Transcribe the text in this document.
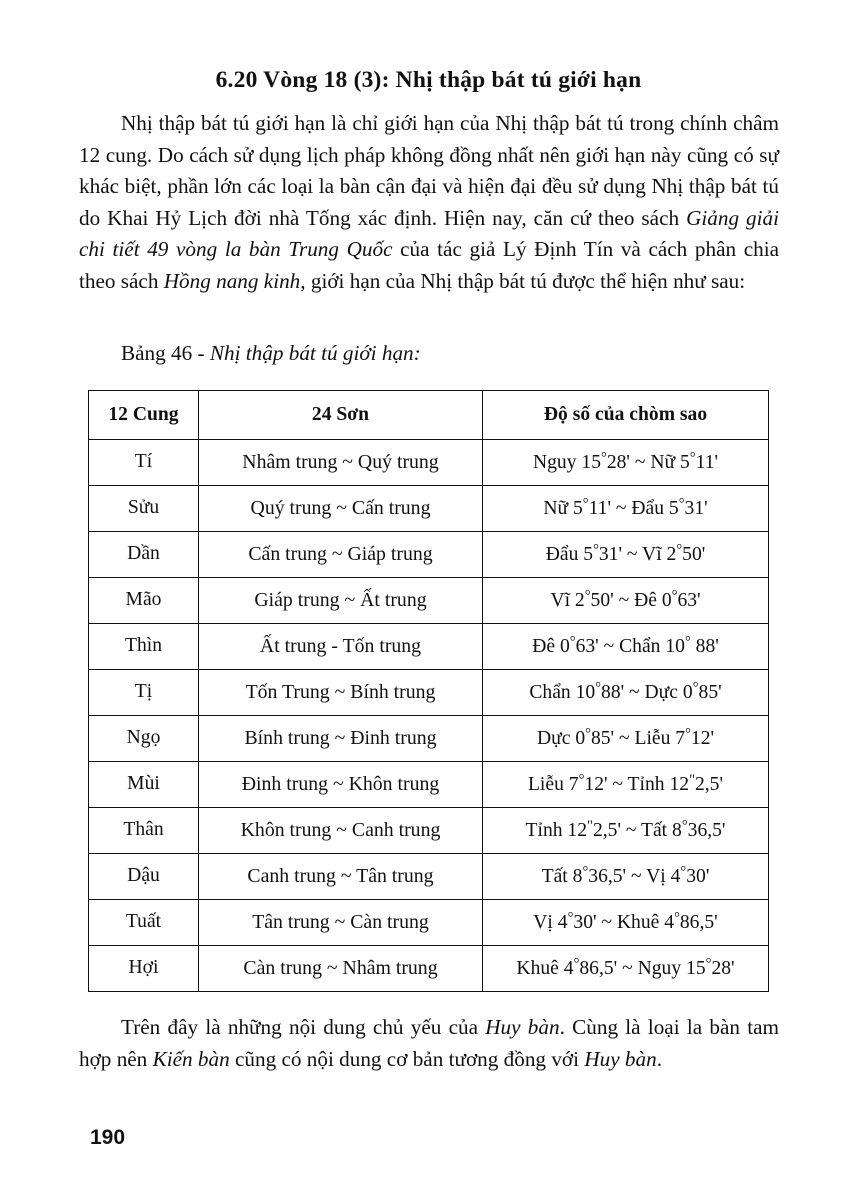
6.20 Vòng 18 (3): Nhị thập bát tú giới hạn

Nhị thập bát tú giới hạn là chỉ giới hạn của Nhị thập bát tú trong chính châm 12 cung. Do cách sử dụng lịch pháp không đồng nhất nên giới hạn này cũng có sự khác biệt, phần lớn các loại la bàn cận đại và hiện đại đều sử dụng Nhị thập bát tú do Khai Hỷ Lịch đời nhà Tống xác định. Hiện nay, căn cứ theo sách Giảng giải chi tiết 49 vòng la bàn Trung Quốc của tác giả Lý Định Tín và cách phân chia theo sách Hồng nang kinh, giới hạn của Nhị thập bát tú được thể hiện như sau:

Bảng 46 - Nhị thập bát tú giới hạn:
12 Cung	24 Sơn	Độ số của chòm sao
Tí	Nhâm trung ~ Quý trung	Nguy 15°28' ~ Nữ 5°11'
Sửu	Quý trung ~ Cấn trung	Nữ 5°11' ~ Đẩu 5°31'
Dần	Cấn trung ~ Giáp trung	Đẩu 5°31' ~ Vĩ 2°50'
Mão	Giáp trung ~ Ất trung	Vĩ 2°50' ~ Đê 0°63'
Thìn	Ất trung - Tốn trung	Đê 0°63' ~ Chẩn 10° 88'
Tị	Tốn Trung ~ Bính trung	Chẩn 10°88' ~ Dực 0°85'
Ngọ	Bính trung ~ Đinh trung	Dực 0°85' ~ Liễu 7°12'
Mùi	Đinh trung ~ Khôn trung	Liễu 7°12' ~ Tỉnh 12"2,5'
Thân	Khôn trung ~ Canh trung	Tỉnh 12"2,5' ~ Tất 8°36,5'
Dậu	Canh trung ~ Tân trung	Tất 8°36,5' ~ Vị 4°30'
Tuất	Tân trung ~ Càn trung	Vị 4°30' ~ Khuê 4°86,5'
Hợi	Càn trung ~ Nhâm trung	Khuê 4°86,5' ~ Nguy 15°28'

Trên đây là những nội dung chủ yếu của Huy bàn. Cùng là loại la bàn tam hợp nên Kiến bàn cũng có nội dung cơ bản tương đồng với Huy bàn.

190
